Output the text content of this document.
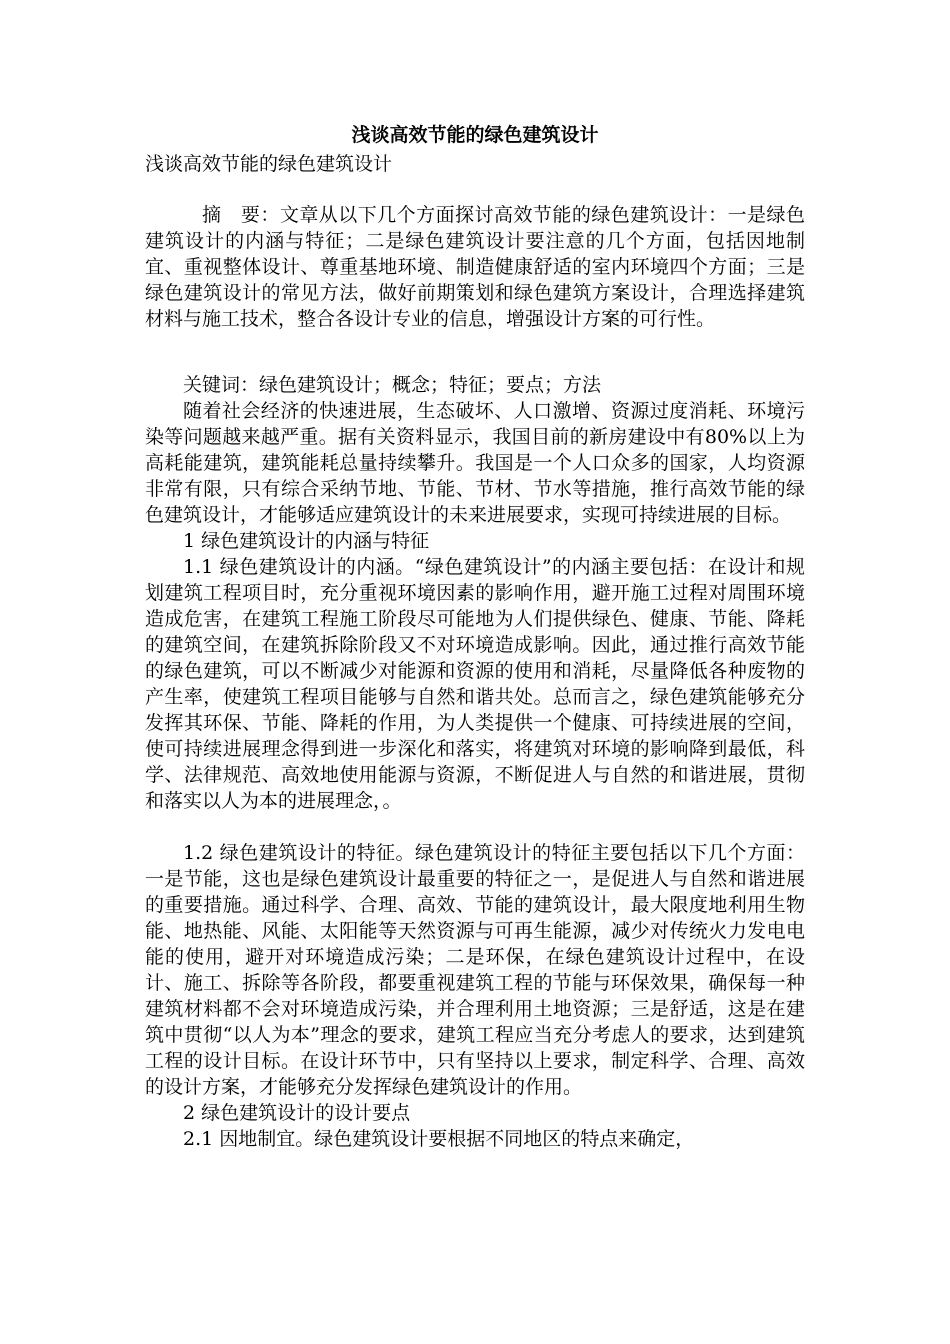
浅谈高效节能的绿色建筑设计
浅谈高效节能的绿色建筑设计

摘　要：文章从以下几个方面探讨高效节能的绿色建筑设计：一是绿色建筑设计的内涵与特征；二是绿色建筑设计要注意的几个方面，包括因地制宜、重视整体设计、尊重基地环境、制造健康舒适的室内环境四个方面；三是绿色建筑设计的常见方法，做好前期策划和绿色建筑方案设计，合理选择建筑材料与施工技术，整合各设计专业的信息，增强设计方案的可行性。

关键词：绿色建筑设计；概念；特征；要点；方法

随着社会经济的快速进展，生态破坏、人口激增、资源过度消耗、环境污染等问题越来越严重。据有关资料显示，我国目前的新房建设中有80%以上为高耗能建筑，建筑能耗总量持续攀升。我国是一个人口众多的国家，人均资源非常有限，只有综合采纳节地、节能、节材、节水等措施，推行高效节能的绿色建筑设计，才能够适应建筑设计的未来进展要求，实现可持续进展的目标。

1 绿色建筑设计的内涵与特征

1.1 绿色建筑设计的内涵。“绿色建筑设计”的内涵主要包括：在设计和规划建筑工程项目时，充分重视环境因素的影响作用，避开施工过程对周围环境造成危害，在建筑工程施工阶段尽可能地为人们提供绿色、健康、节能、降耗的建筑空间，在建筑拆除阶段又不对环境造成影响。因此，通过推行高效节能的绿色建筑，可以不断减少对能源和资源的使用和消耗，尽量降低各种废物的产生率，使建筑工程项目能够与自然和谐共处。总而言之，绿色建筑能够充分发挥其环保、节能、降耗的作用，为人类提供一个健康、可持续进展的空间，使可持续进展理念得到进一步深化和落实，将建筑对环境的影响降到最低，科学、法律规范、高效地使用能源与资源，不断促进人与自然的和谐进展，贯彻和落实以人为本的进展理念，。

1.2 绿色建筑设计的特征。绿色建筑设计的特征主要包括以下几个方面：一是节能，这也是绿色建筑设计最重要的特征之一，是促进人与自然和谐进展的重要措施。通过科学、合理、高效、节能的建筑设计，最大限度地利用生物能、地热能、风能、太阳能等天然资源与可再生能源，减少对传统火力发电电能的使用，避开对环境造成污染；二是环保，在绿色建筑设计过程中，在设计、施工、拆除等各阶段，都要重视建筑工程的节能与环保效果，确保每一种建筑材料都不会对环境造成污染，并合理利用土地资源；三是舒适，这是在建筑中贯彻“以人为本”理念的要求，建筑工程应当充分考虑人的要求，达到建筑工程的设计目标。在设计环节中，只有坚持以上要求，制定科学、合理、高效的设计方案，才能够充分发挥绿色建筑设计的作用。

2 绿色建筑设计的设计要点

2.1 因地制宜。绿色建筑设计要根据不同地区的特点来确定，
